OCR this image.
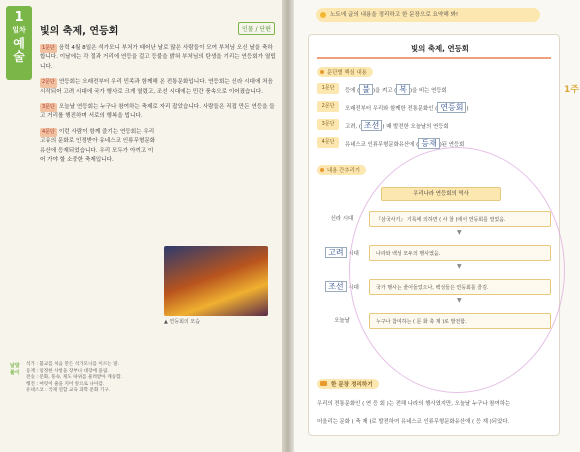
1
일차
예술
빛의 축제, 연등회	인물 / 단편

1문단 음력 4월 8일은 석가모니 부처가 태어난 날로 많은 사람들이 모여 부처님 오신 날을 축하합니다. 이날에는 각 절과 거리에 연등을 걸고 등불을 밝혀 부처님의 탄생을 기리는 연등회가 열립니다.

2문단 연등회는 오래전부터 우리 민족과 함께해 온 전통문화입니다. 연등회는 신라 시대에 처음 시작되어 고려 시대에 국가 행사로 크게 열렸고, 조선 시대에는 민간 풍속으로 이어졌습니다.

3문단 오늘날 연등회는 누구나 참여하는 축제로 자리 잡았습니다. 사람들은 직접 만든 연등을 들고 거리를 행진하며 서로의 행복을 빕니다.

4문단 이런 사람이 함께 즐기는 연등회는 우리 고유의 문화로 인정받아 유네스코 인류무형문화유산에 등재되었습니다. 우리 모두가 아끼고 이어 가야 할 소중한 축제입니다.

▲ 연등회의 모습
낱말 풀이
석가 : 불교를 처음 만든 석가모니를 이르는 말.
등재 : 일정한 사항을 장부나 대장에 올림.
전승 : 문화, 풍속, 제도 따위를 물려받아 계승함.
행진 : 여럿이 줄을 지어 앞으로 나아감.
유네스코 : 국제 연합 교육 과학 문화 기구.
노트에 글의 내용을 정리하고 한 문장으로 요약해 봐!
1주
빛의 축제, 연등회
문단별 핵심 내용
1문단	등에 ( 불 )을 켜고 ( 복 )을 비는 연등회
2문단	오래전부터 우리와 함께한 전통문화인 ( 연등회 )
3문단	고려, ( 조선 ) 때 발전한 오늘날의 연등회
4문단	유네스코 인류무형문화유산에 ( 등재 )된 연등회
내용 간추리기
우리나라 연등회의 역사
신라 시대	『삼국사기』 기록에 의하면 ( 사 찰 )에서 연등회를 열었음.
▼
고려 시대	나라와 백성 모두의 행사였음.
▼
조선 시대	국가 행사는 줄어들었으나, 백성들은 연등회를 즐김.
▼
오늘날	누구나 참여하는 ( 문 화 축 제 )로 발전함.
한 문장 정리하기
우리의 전통문화인 ( 연 등 회 )는 전해 나라의 행사였지만, 오늘날 누구나 참여하는
어울리는 문화 ( 축 제 )로 발전하여 유네스코 인류무형문화유산에 ( 등 재 )되었다.
